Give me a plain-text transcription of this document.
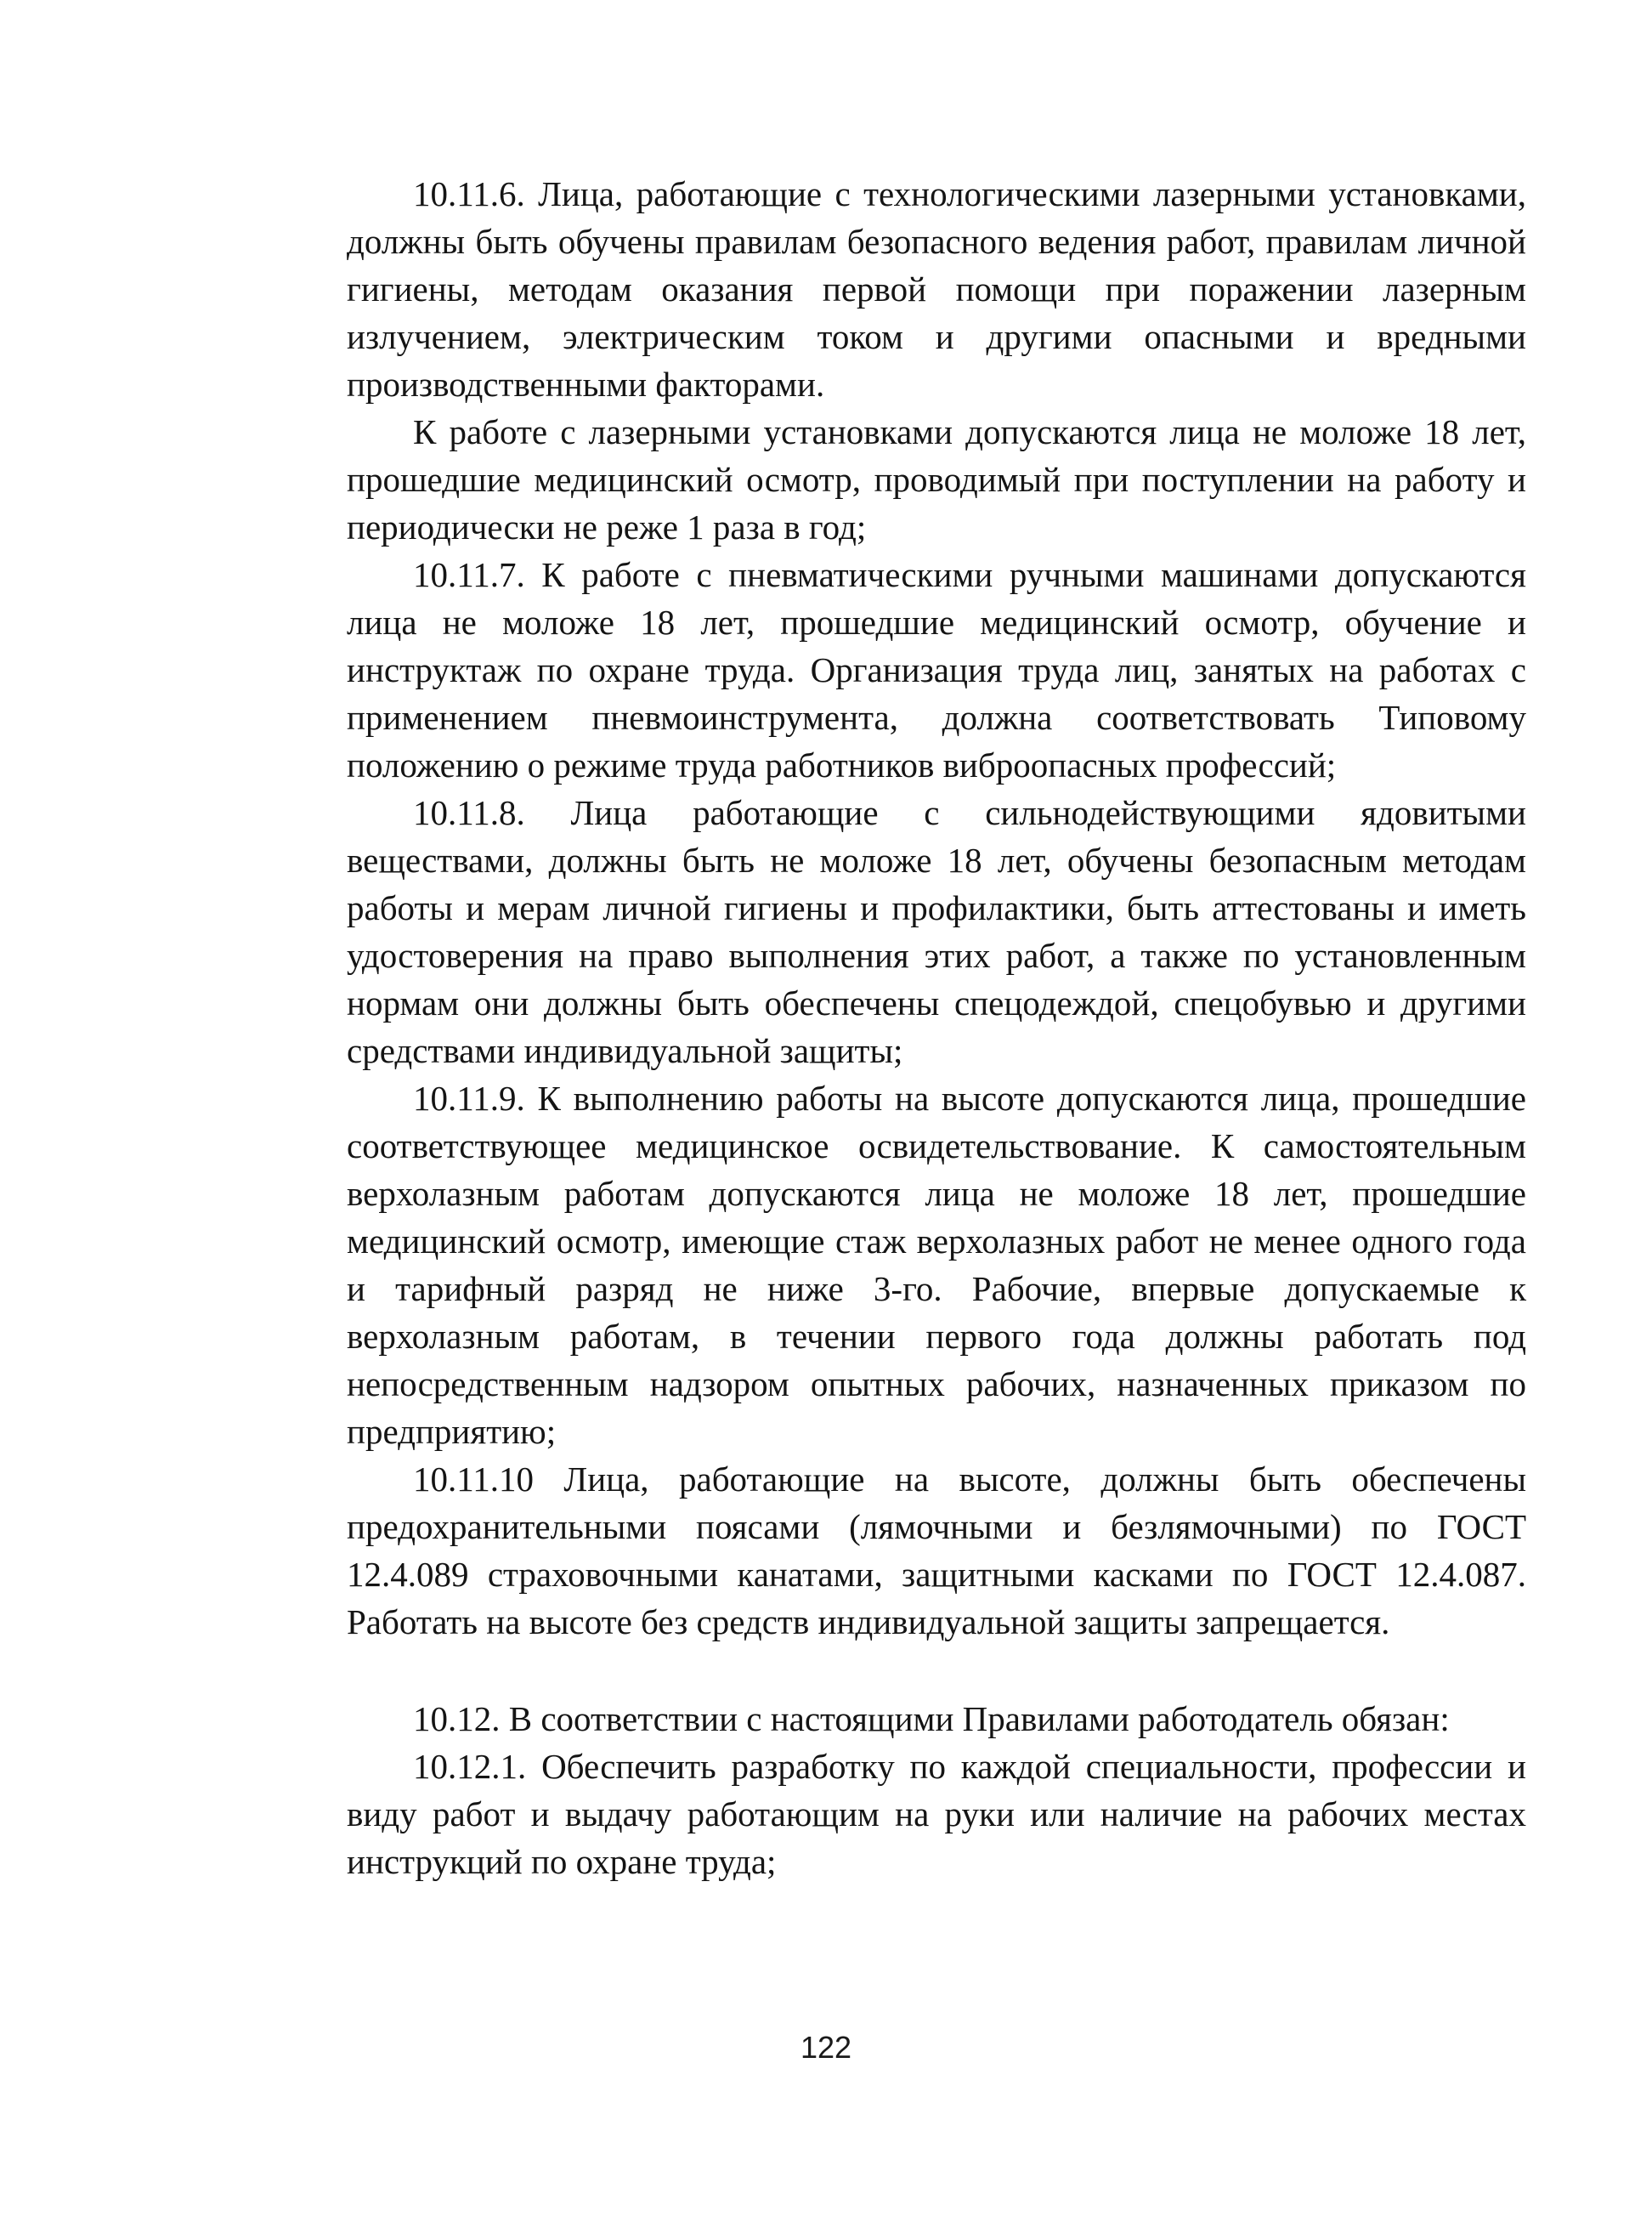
10.11.6. Лица, работающие с технологическими лазерными установками, должны быть обучены правилам безопасного ведения работ, правилам личной гигиены, методам оказания первой помощи при поражении лазерным излучением, электрическим током и другими опасными и вредными производственными факторами.

К работе с лазерными установками допускаются лица не моложе 18 лет, прошедшие медицинский осмотр, проводимый при поступлении на работу и периодически не реже 1 раза в год;

10.11.7. К работе с пневматическими ручными машинами допускаются лица не моложе 18 лет, прошедшие медицинский осмотр, обучение и инструктаж по охране труда. Организация труда лиц, занятых на работах с применением пневмоинструмента, должна соответствовать Типовому положению о режиме труда работников виброопасных профессий;

10.11.8. Лица работающие с сильнодействующими ядовитыми веществами, должны быть не моложе 18 лет, обучены безопасным методам работы и мерам личной гигиены и профилактики, быть аттестованы и иметь удостоверения на право выполнения этих работ, а также по установленным нормам они должны быть обеспечены спецодеждой, спецобувью и другими средствами индивидуальной защиты;

10.11.9. К выполнению работы на высоте допускаются лица, прошедшие соответствующее медицинское освидетельствование. К самостоятельным верхолазным работам допускаются лица не моложе 18 лет, прошедшие медицинский осмотр, имеющие стаж верхолазных работ не менее одного года и тарифный разряд не ниже 3-го. Рабочие, впервые допускаемые к верхолазным работам, в течении первого года должны работать под непосредственным надзором опытных рабочих, назначенных приказом по предприятию;

10.11.10 Лица, работающие на высоте, должны быть обеспечены предохранительными поясами (лямочными и безлямочными) по ГОСТ 12.4.089 страховочными канатами, защитными касками по ГОСТ 12.4.087. Работать на высоте без средств индивидуальной защиты запрещается.

10.12. В соответствии с настоящими Правилами работодатель обязан:

10.12.1. Обеспечить разработку по каждой специальности, профессии и виду работ и выдачу работающим на руки или наличие на рабочих местах инструкций по охране труда;

122
